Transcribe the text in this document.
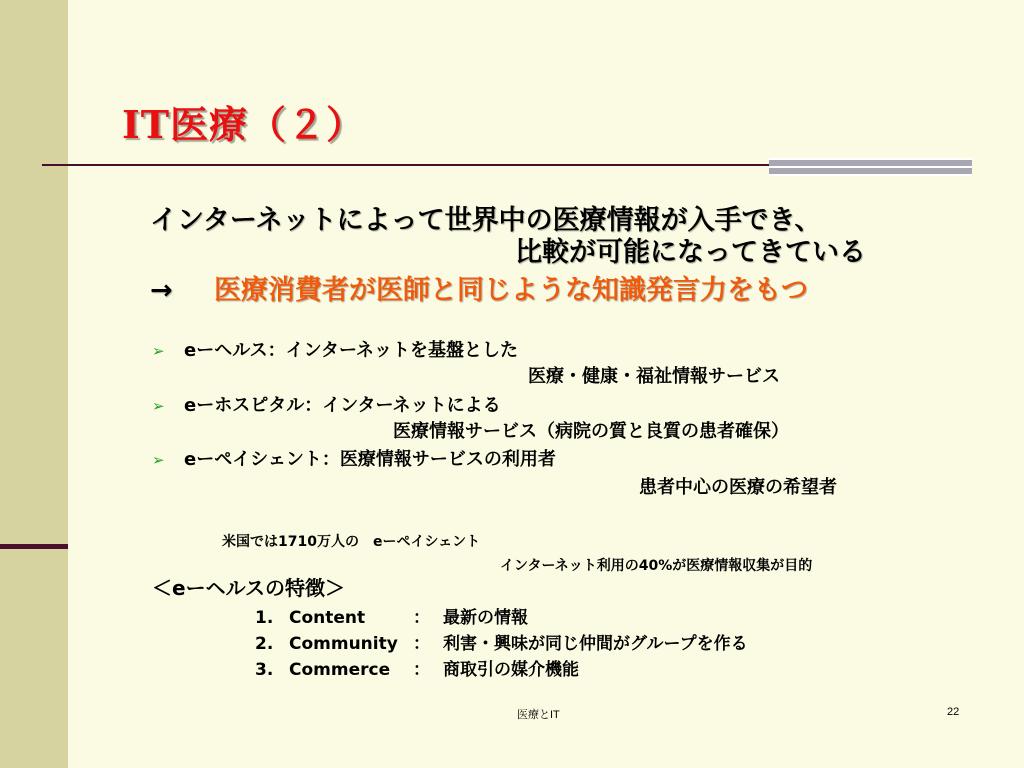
IT医療（２）
インターネットによって世界中の医療情報が入手でき、
比較が可能になってきている
→ 医療消費者が医師と同じような知識発言力をもつ
➢ eーヘルス：インターネットを基盤とした
医療・健康・福祉情報サービス
➢ eーホスピタル：インターネットによる
医療情報サービス（病院の質と良質の患者確保）
➢ eーペイシェント：医療情報サービスの利用者
患者中心の医療の希望者
米国では1710万人の　eーペイシェント
インターネット利用の40%が医療情報収集が目的
＜eーヘルスの特徴＞
1. Content	： 最新の情報
2. Community ： 利害・興味が同じ仲間がグループを作る
3. Commerce ： 商取引の媒介機能
医療とIT	22
